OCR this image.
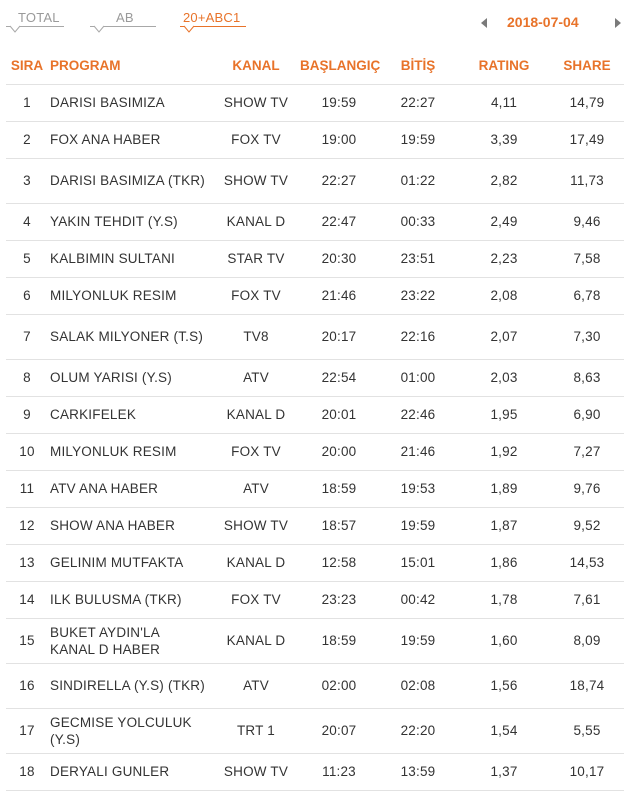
TOTAL	AB	20+ABC1	2018-07-04
SIRA	PROGRAM	KANAL	BAŞLANGIÇ	BİTİŞ	RATING	SHARE
1	DARISI BASIMIZA	SHOW TV	19:59	22:27	4,11	14,79
2	FOX ANA HABER	FOX TV	19:00	19:59	3,39	17,49
3	DARISI BASIMIZA (TKR)	SHOW TV	22:27	01:22	2,82	11,73
4	YAKIN TEHDIT (Y.S)	KANAL D	22:47	00:33	2,49	9,46
5	KALBIMIN SULTANI	STAR TV	20:30	23:51	2,23	7,58
6	MILYONLUK RESIM	FOX TV	21:46	23:22	2,08	6,78
7	SALAK MILYONER (T.S)	TV8	20:17	22:16	2,07	7,30
8	OLUM YARISI (Y.S)	ATV	22:54	01:00	2,03	8,63
9	CARKIFELEK	KANAL D	20:01	22:46	1,95	6,90
10	MILYONLUK RESIM	FOX TV	20:00	21:46	1,92	7,27
11	ATV ANA HABER	ATV	18:59	19:53	1,89	9,76
12	SHOW ANA HABER	SHOW TV	18:57	19:59	1,87	9,52
13	GELINIM MUTFAKTA	KANAL D	12:58	15:01	1,86	14,53
14	ILK BULUSMA (TKR)	FOX TV	23:23	00:42	1,78	7,61
15	BUKET AYDIN'LA KANAL D HABER	KANAL D	18:59	19:59	1,60	8,09
16	SINDIRELLA (Y.S) (TKR)	ATV	02:00	02:08	1,56	18,74
17	GECMISE YOLCULUK (Y.S)	TRT 1	20:07	22:20	1,54	5,55
18	DERYALI GUNLER	SHOW TV	11:23	13:59	1,37	10,17
